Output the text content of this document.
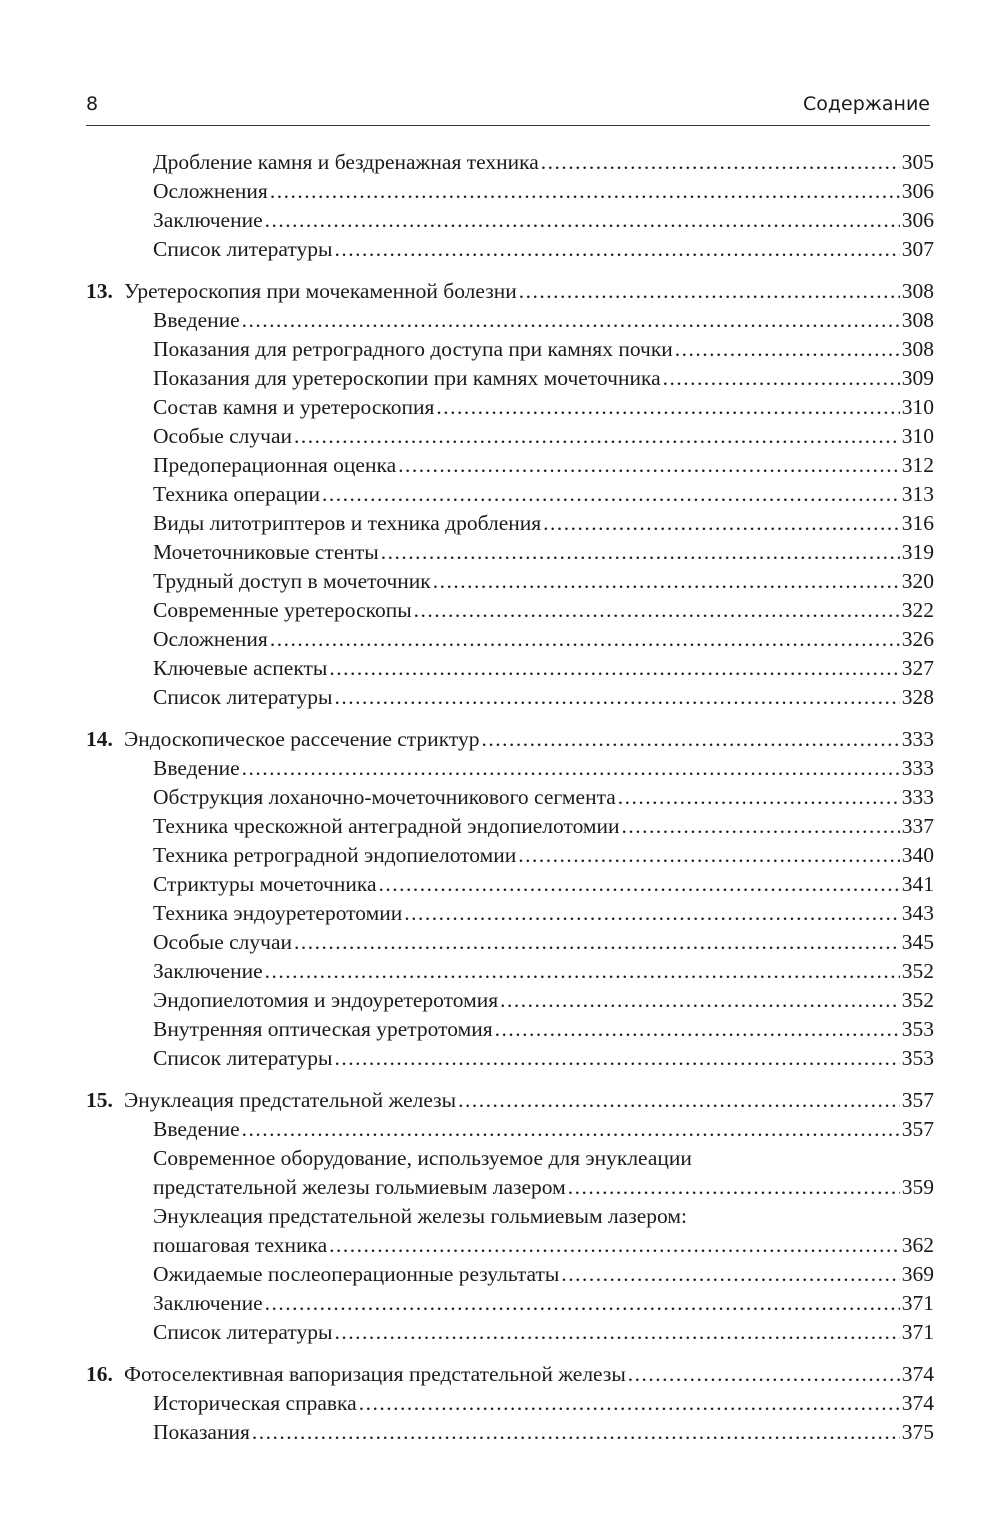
8	Содержание
Дробление камня и бездренажная техника .....	305
Осложнения .....	306
Заключение .....	306
Список литературы .....	307
13. Уретероскопия при мочекаменной болезни .....	308
Введение .....	308
Показания для ретроградного доступа при камнях почки .....	308
Показания для уретероскопии при камнях мочеточника .....	309
Состав камня и уретероскопия .....	310
Особые случаи .....	310
Предоперационная оценка .....	312
Техника операции .....	313
Виды литотриптеров и техника дробления .....	316
Мочеточниковые стенты .....	319
Трудный доступ в мочеточник .....	320
Современные уретероскопы .....	322
Осложнения .....	326
Ключевые аспекты .....	327
Список литературы .....	328
14. Эндоскопическое рассечение стриктур .....	333
Введение .....	333
Обструкция лоханочно-мочеточникового сегмента .....	333
Техника чрескожной антеградной эндопиелотомии .....	337
Техника ретроградной эндопиелотомии .....	340
Стриктуры мочеточника .....	341
Техника эндоуретеротомии .....	343
Особые случаи .....	345
Заключение .....	352
Эндопиелотомия и эндоуретеротомия .....	352
Внутренняя оптическая уретротомия .....	353
Список литературы .....	353
15. Энуклеация предстательной железы .....	357
Введение .....	357
Современное оборудование, используемое для энуклеации
предстательной железы гольмиевым лазером .....	359
Энуклеация предстательной железы гольмиевым лазером:
пошаговая техника .....	362
Ожидаемые послеоперационные результаты .....	369
Заключение .....	371
Список литературы .....	371
16. Фотоселективная вапоризация предстательной железы .....	374
Историческая справка .....	374
Показания .....	375
